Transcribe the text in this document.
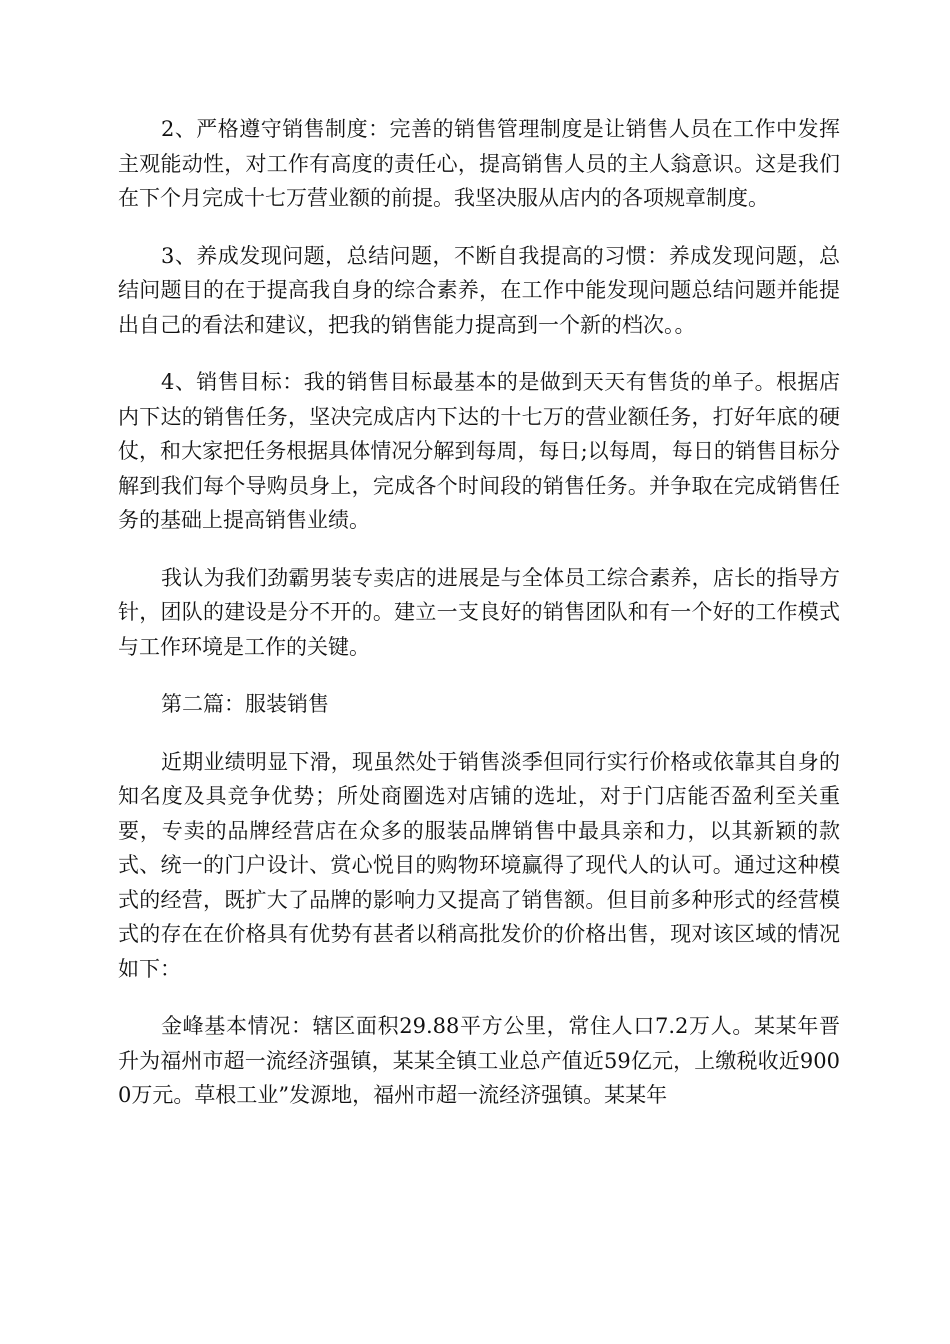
2、严格遵守销售制度：完善的销售管理制度是让销售人员在工作中发挥主观能动性，对工作有高度的责任心，提高销售人员的主人翁意识。这是我们在下个月完成十七万营业额的前提。我坚决服从店内的各项规章制度。

3、养成发现问题，总结问题，不断自我提高的习惯：养成发现问题，总结问题目的在于提高我自身的综合素养，在工作中能发现问题总结问题并能提出自己的看法和建议，把我的销售能力提高到一个新的档次。。

4、销售目标：我的销售目标最基本的是做到天天有售货的单子。根据店内下达的销售任务，坚决完成店内下达的十七万的营业额任务，打好年底的硬仗，和大家把任务根据具体情况分解到每周，每日;以每周，每日的销售目标分解到我们每个导购员身上，完成各个时间段的销售任务。并争取在完成销售任务的基础上提高销售业绩。

我认为我们劲霸男装专卖店的进展是与全体员工综合素养，店长的指导方针，团队的建设是分不开的。建立一支良好的销售团队和有一个好的工作模式与工作环境是工作的关键。

第二篇：服装销售

近期业绩明显下滑，现虽然处于销售淡季但同行实行价格或依靠其自身的知名度及具竞争优势；所处商圈选对店铺的选址，对于门店能否盈利至关重要，专卖的品牌经营店在众多的服装品牌销售中最具亲和力，以其新颖的款式、统一的门户设计、赏心悦目的购物环境赢得了现代人的认可。通过这种模式的经营，既扩大了品牌的影响力又提高了销售额。但目前多种形式的经营模式的存在在价格具有优势有甚者以稍高批发价的价格出售，现对该区域的情况如下：

金峰基本情况：辖区面积29.88平方公里，常住人口7.2万人。某某年晋升为福州市超一流经济强镇，某某全镇工业总产值近59亿元，上缴税收近9000万元。草根工业”发源地，福州市超一流经济强镇。某某年
